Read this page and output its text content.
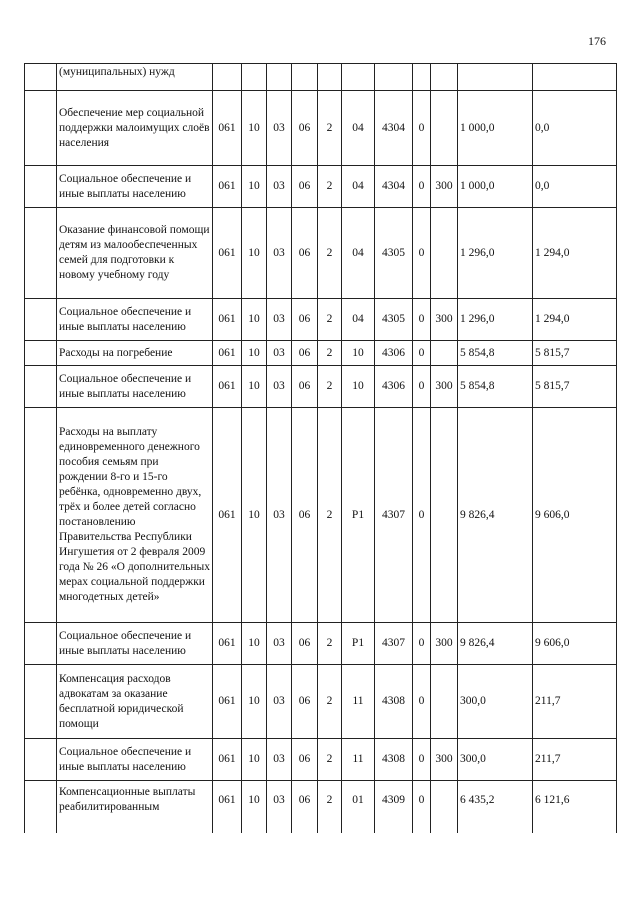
176
	(муниципальных) нужд											
	Обеспечение мер социальной поддержки малоимущих слоёв населения	061	10	03	06	2	04	4304	0		1 000,0	0,0
	Социальное обеспечение и иные выплаты населению	061	10	03	06	2	04	4304	0	300	1 000,0	0,0
	Оказание финансовой помощи детям из малообеспеченных семей для подготовки к новому учебному году	061	10	03	06	2	04	4305	0		1 296,0	1 294,0
	Социальное обеспечение и иные выплаты населению	061	10	03	06	2	04	4305	0	300	1 296,0	1 294,0
	Расходы на погребение	061	10	03	06	2	10	4306	0		5 854,8	5 815,7
	Социальное обеспечение и иные выплаты населению	061	10	03	06	2	10	4306	0	300	5 854,8	5 815,7
	Расходы на выплату единовременного денежного пособия семьям при рождении 8-го и 15-го ребёнка, одновременно двух, трёх и более детей согласно постановлению Правительства Республики Ингушетия от 2 февраля 2009 года № 26 «О дополнительных мерах социальной поддержки многодетных детей»	061	10	03	06	2	P1	4307	0		9 826,4	9 606,0
	Социальное обеспечение и иные выплаты населению	061	10	03	06	2	P1	4307	0	300	9 826,4	9 606,0
	Компенсация расходов адвокатам за оказание бесплатной юридической помощи	061	10	03	06	2	11	4308	0		300,0	211,7
	Социальное обеспечение и иные выплаты населению	061	10	03	06	2	11	4308	0	300	300,0	211,7
	Компенсационные выплаты реабилитированным	061	10	03	06	2	01	4309	0		6 435,2	6 121,6
